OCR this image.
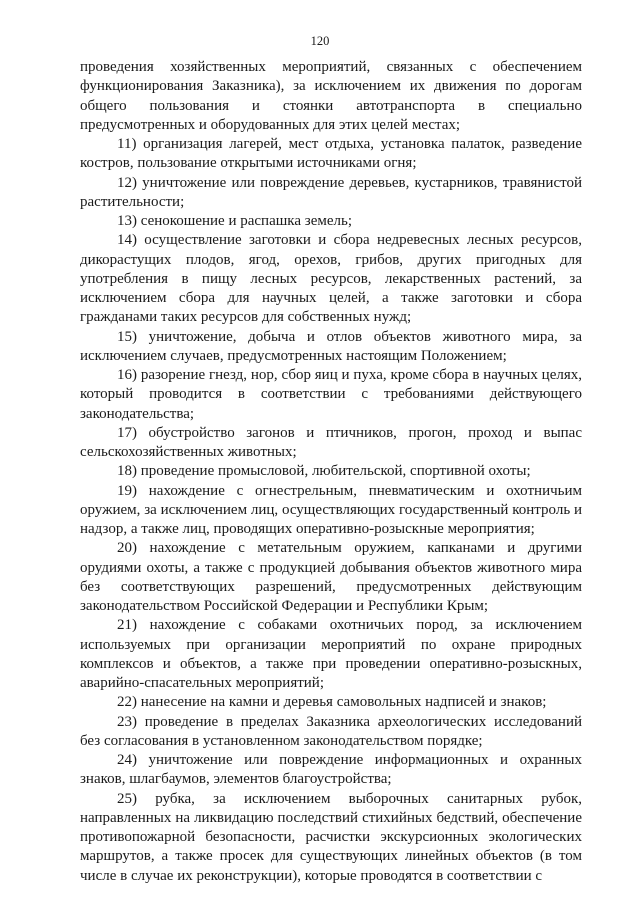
120

проведения хозяйственных мероприятий, связанных с обеспечением функционирования Заказника), за исключением их движения по дорогам общего пользования и стоянки автотранспорта в специально предусмотренных и оборудованных для этих целей местах;

11) организация лагерей, мест отдыха, установка палаток, разведение костров, пользование открытыми источниками огня;

12) уничтожение или повреждение деревьев, кустарников, травянистой растительности;

13) сенокошение и распашка земель;

14) осуществление заготовки и сбора недревесных лесных ресурсов, дикорастущих плодов, ягод, орехов, грибов, других пригодных для употребления в пищу лесных ресурсов, лекарственных растений, за исключением сбора для научных целей, а также заготовки и сбора гражданами таких ресурсов для собственных нужд;

15) уничтожение, добыча и отлов объектов животного мира, за исключением случаев, предусмотренных настоящим Положением;

16) разорение гнезд, нор, сбор яиц и пуха, кроме сбора в научных целях, который проводится в соответствии с требованиями действующего законодательства;

17) обустройство загонов и птичников, прогон, проход и выпас сельскохозяйственных животных;

18) проведение промысловой, любительской, спортивной охоты;

19) нахождение с огнестрельным, пневматическим и охотничьим оружием, за исключением лиц, осуществляющих государственный контроль и надзор, а также лиц, проводящих оперативно-розыскные мероприятия;

20) нахождение с метательным оружием, капканами и другими орудиями охоты, а также с продукцией добывания объектов животного мира без соответствующих разрешений, предусмотренных действующим законодательством Российской Федерации и Республики Крым;

21) нахождение с собаками охотничьих пород, за исключением используемых при организации мероприятий по охране природных комплексов и объектов, а также при проведении оперативно-розыскных, аварийно-спасательных мероприятий;

22) нанесение на камни и деревья самовольных надписей и знаков;

23) проведение в пределах Заказника археологических исследований без согласования в установленном законодательством порядке;

24) уничтожение или повреждение информационных и охранных знаков, шлагбаумов, элементов благоустройства;

25) рубка, за исключением выборочных санитарных рубок, направленных на ликвидацию последствий стихийных бедствий, обеспечение противопожарной безопасности, расчистки экскурсионных экологических маршрутов, а также просек для существующих линейных объектов (в том числе в случае их реконструкции), которые проводятся в соответствии с
